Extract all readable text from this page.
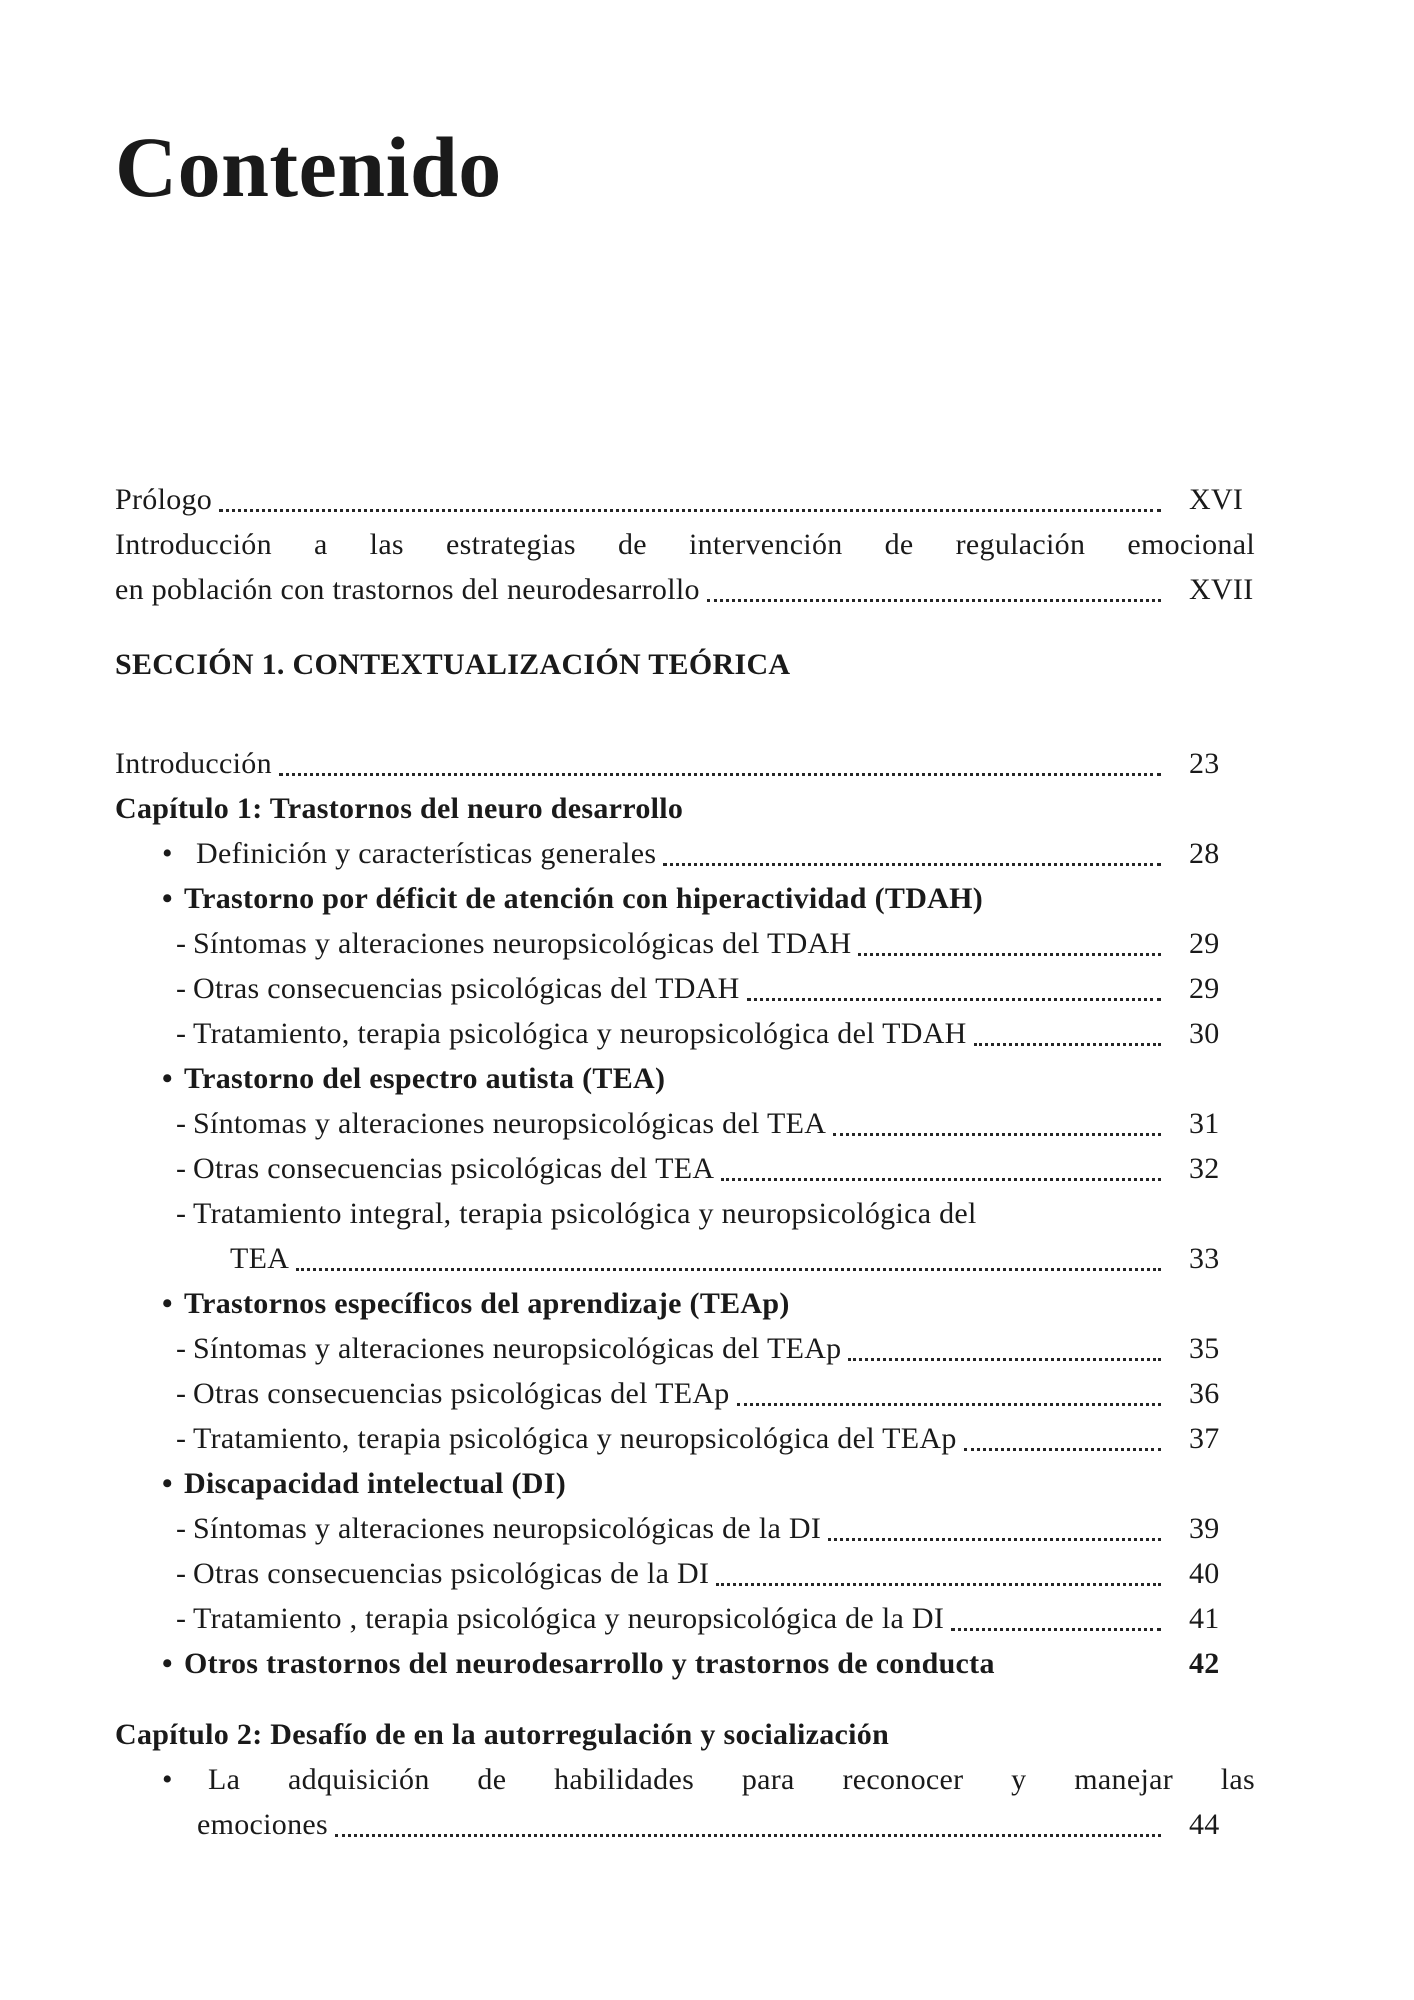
Contenido
Prólogo	XVI
Introducción a las estrategias de intervención de regulación emocional
en población con trastornos del neurodesarrollo	XVII
SECCIÓN 1. CONTEXTUALIZACIÓN TEÓRICA
Introducción	23
Capítulo 1: Trastornos del neuro desarrollo
• Definición y características generales	28
• Trastorno por déficit de atención con hiperactividad (TDAH)
- Síntomas y alteraciones neuropsicológicas del TDAH	29
- Otras consecuencias psicológicas del TDAH	29
- Tratamiento, terapia psicológica y neuropsicológica del TDAH	30
• Trastorno del espectro autista (TEA)
- Síntomas y alteraciones neuropsicológicas del TEA	31
- Otras consecuencias psicológicas del TEA	32
- Tratamiento integral, terapia psicológica y neuropsicológica del
TEA	33
• Trastornos específicos del aprendizaje (TEAp)
- Síntomas y alteraciones neuropsicológicas del TEAp	35
- Otras consecuencias psicológicas del TEAp	36
- Tratamiento, terapia psicológica y neuropsicológica del TEAp	37
• Discapacidad intelectual (DI)
- Síntomas y alteraciones neuropsicológicas de la DI	39
- Otras consecuencias psicológicas de la DI	40
- Tratamiento , terapia psicológica y neuropsicológica de la DI	41
• Otros trastornos del neurodesarrollo y trastornos de conducta	42
Capítulo 2: Desafío de en la autorregulación y socialización
• La adquisición de habilidades para reconocer y manejar las
emociones	44
